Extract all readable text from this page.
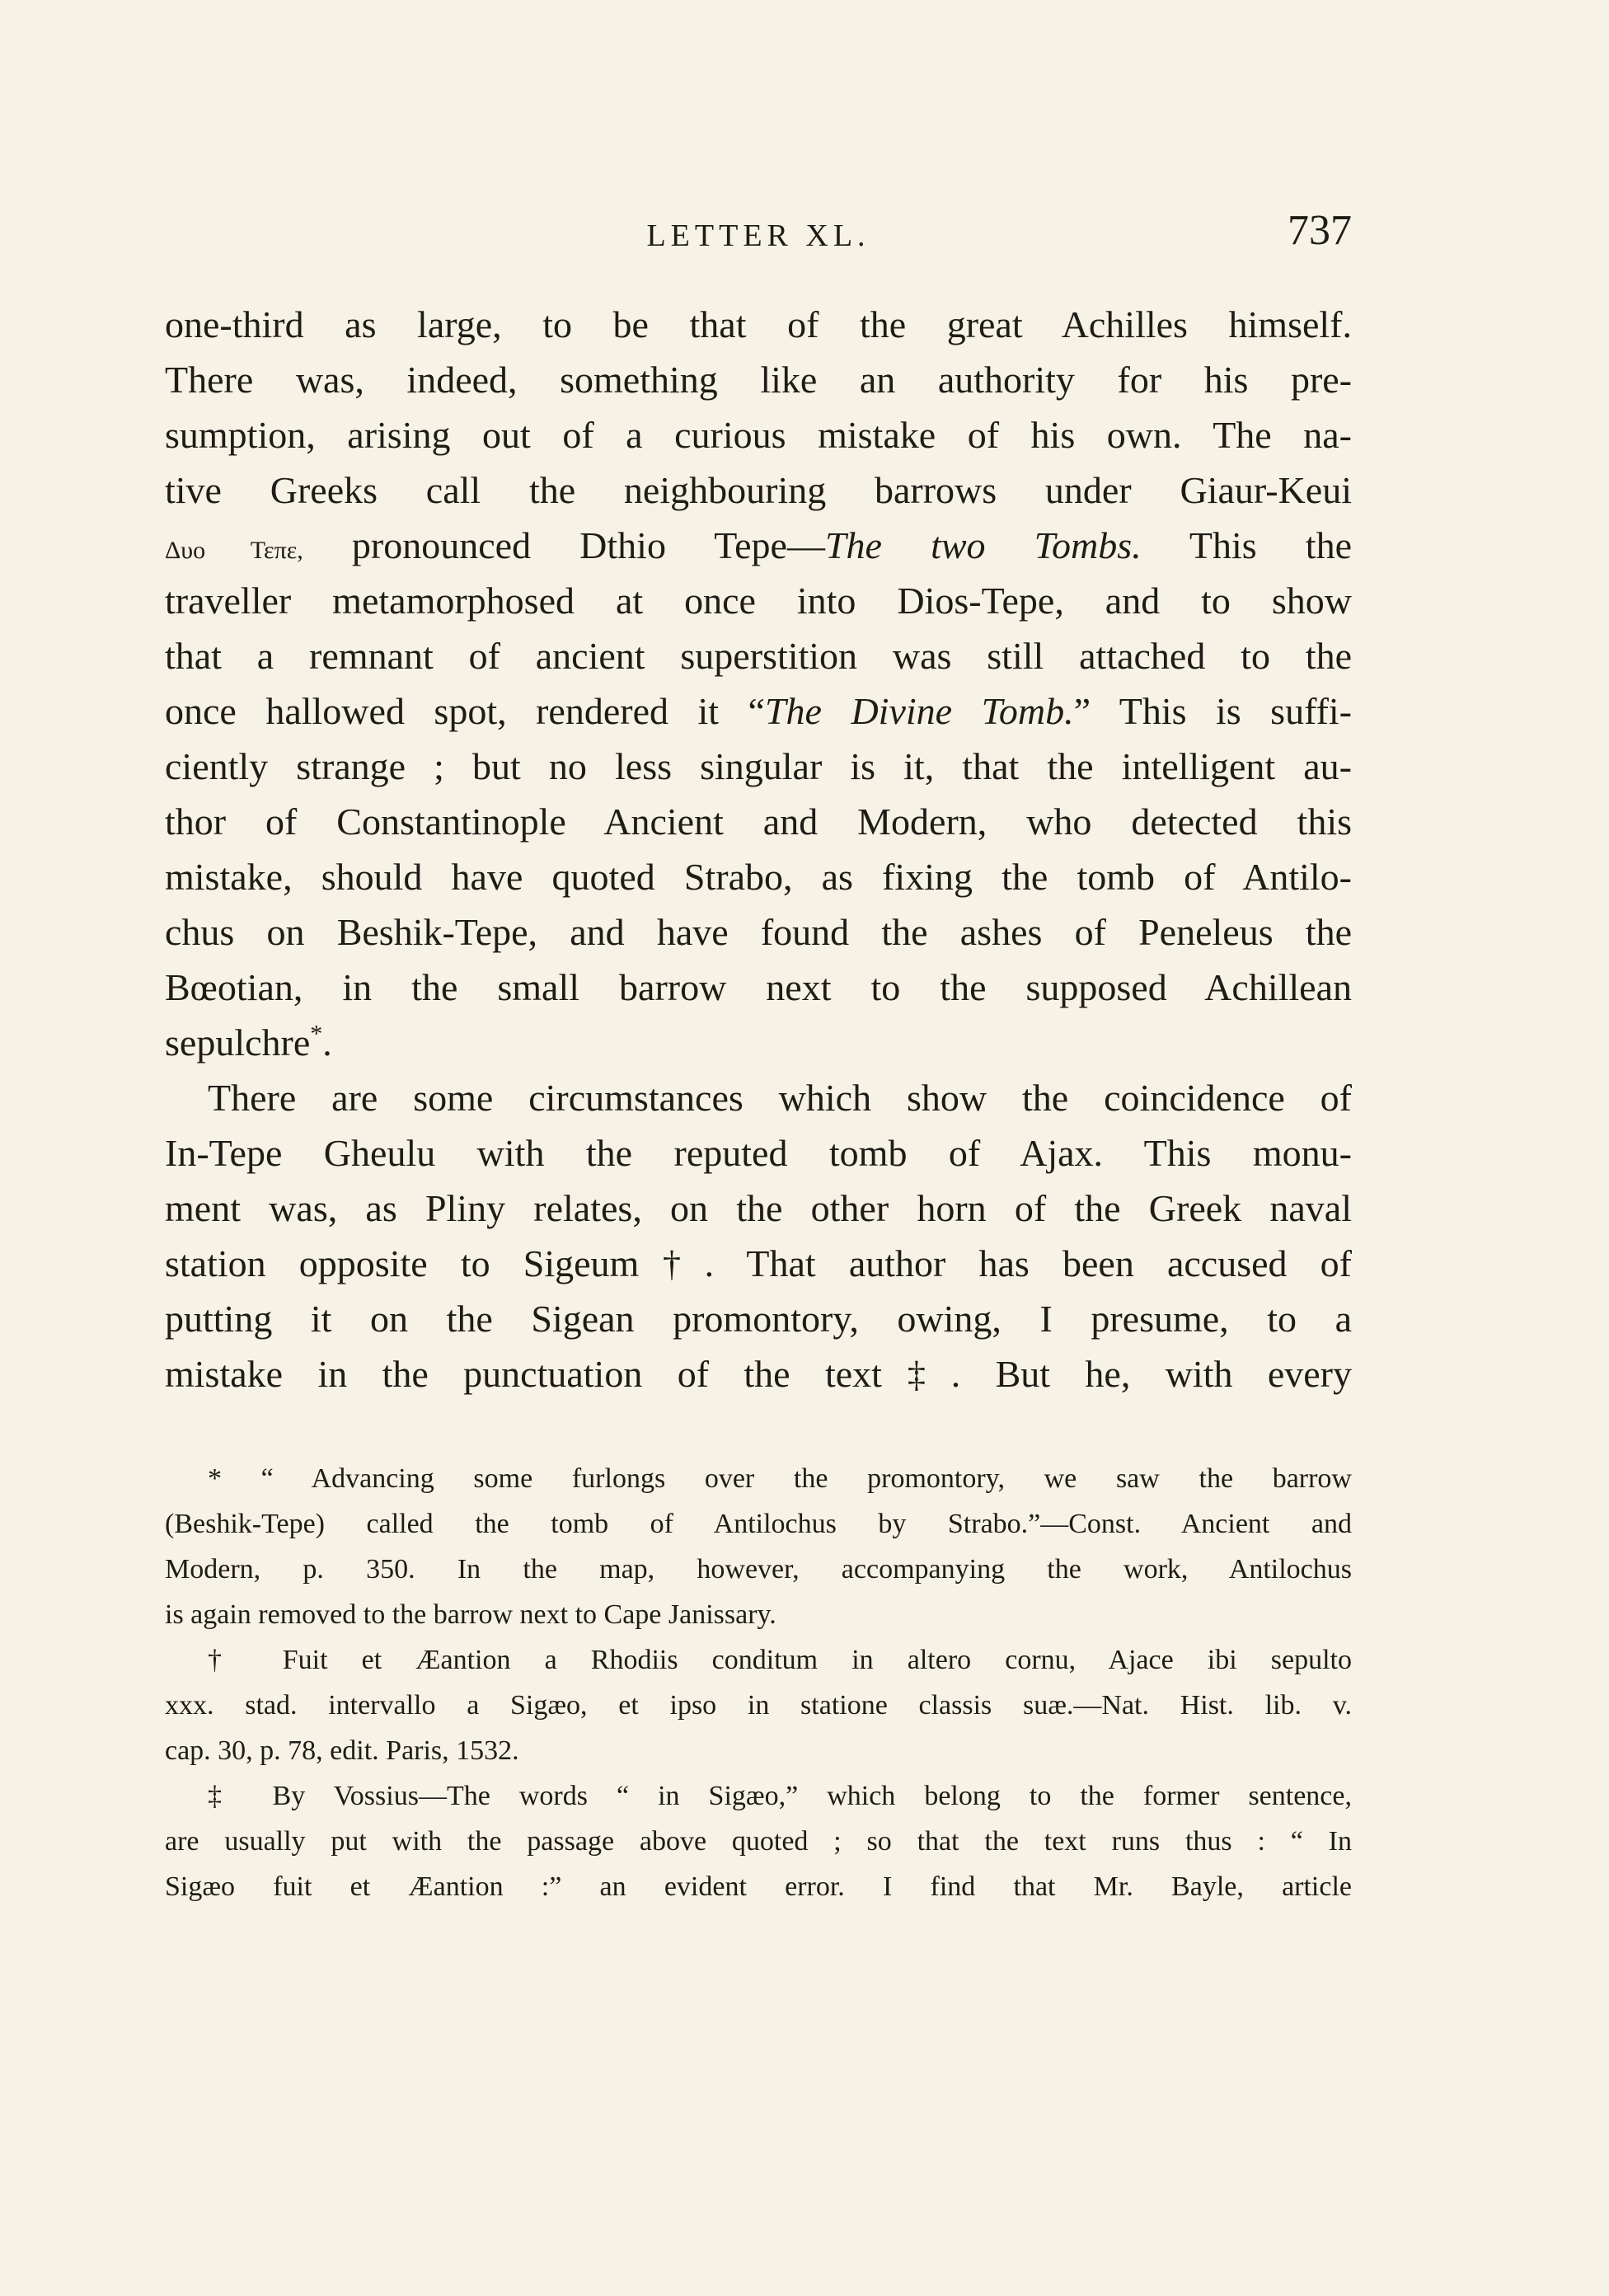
LETTER XL.	737
one-third as large, to be that of the great Achilles himself.
There was, indeed, something like an authority for his pre-
sumption, arising out of a curious mistake of his own. The na-
tive Greeks call the neighbouring barrows under Giaur-Keui
Δυο Τεπε, pronounced Dthio Tepe—The two Tombs. This the
traveller metamorphosed at once into Dios-Tepe, and to show
that a remnant of ancient superstition was still attached to the
once hallowed spot, rendered it “The Divine Tomb.” This is suffi-
ciently strange ; but no less singular is it, that the intelligent au-
thor of Constantinople Ancient and Modern, who detected this
mistake, should have quoted Strabo, as fixing the tomb of Antilo-
chus on Beshik-Tepe, and have found the ashes of Peneleus the
Bœotian, in the small barrow next to the supposed Achillean
sepulchre*.
There are some circumstances which show the coincidence of
In-Tepe Gheulu with the reputed tomb of Ajax. This monu-
ment was, as Pliny relates, on the other horn of the Greek naval
station opposite to Sigeum†. That author has been accused of
putting it on the Sigean promontory, owing, I presume, to a
mistake in the punctuation of the text‡. But he, with every
* “ Advancing some furlongs over the promontory, we saw the barrow
(Beshik-Tepe) called the tomb of Antilochus by Strabo.”—Const. Ancient and
Modern, p. 350. In the map, however, accompanying the work, Antilochus
is again removed to the barrow next to Cape Janissary.
† Fuit et Æantion a Rhodiis conditum in altero cornu, Ajace ibi sepulto
xxx. stad. intervallo a Sigæo, et ipso in statione classis suæ.—Nat. Hist. lib. v.
cap. 30, p. 78, edit. Paris, 1532.
‡ By Vossius—The words “ in Sigæo,” which belong to the former sentence,
are usually put with the passage above quoted ; so that the text runs thus : “ In
Sigæo fuit et Æantion :” an evident error. I find that Mr. Bayle, article
